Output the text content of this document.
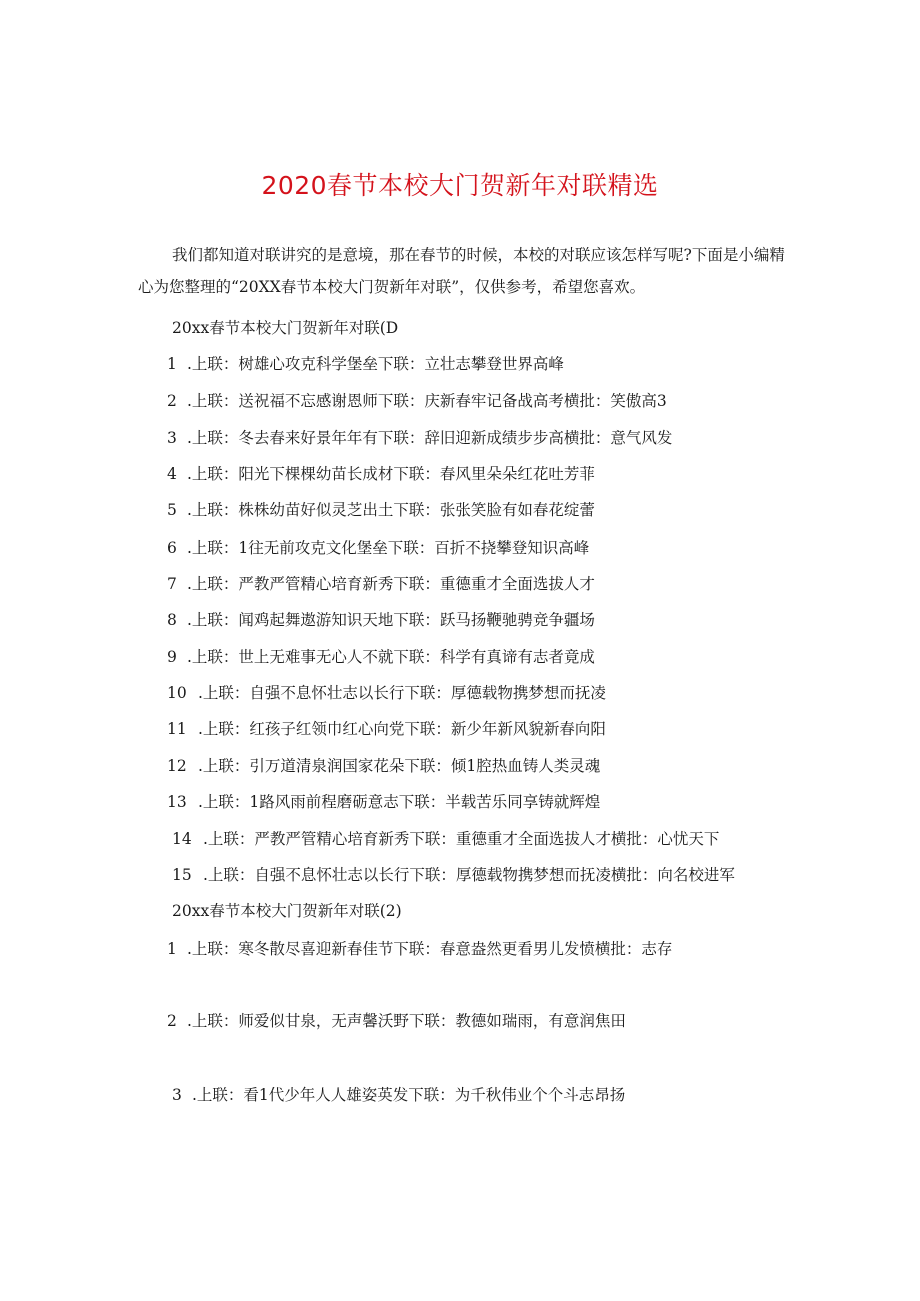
2020春节本校大门贺新年对联精选

我们都知道对联讲究的是意境，那在春节的时候，本校的对联应该怎样写呢?下面是小编精心为您整理的“20XX春节本校大门贺新年对联”，仅供参考，希望您喜欢。

20xx春节本校大门贺新年对联(D

1 .上联：树雄心攻克科学堡垒下联：立壮志攀登世界高峰

2 .上联：送祝福不忘感谢恩师下联：庆新春牢记备战高考横批：笑傲高3

3 .上联：冬去春来好景年年有下联：辞旧迎新成绩步步高横批：意气风发

4 .上联：阳光下棵棵幼苗长成材下联：春风里朵朵红花吐芳菲

5 .上联：株株幼苗好似灵芝出土下联：张张笑脸有如春花绽蕾

6 .上联：1往无前攻克文化堡垒下联：百折不挠攀登知识高峰

7 .上联：严教严管精心培育新秀下联：重德重才全面选拔人才

8 .上联：闻鸡起舞遨游知识天地下联：跃马扬鞭驰骋竞争疆场

9 .上联：世上无难事无心人不就下联：科学有真谛有志者竟成

10 .上联：自强不息怀壮志以长行下联：厚德载物携梦想而抚凌

11 .上联：红孩子红领巾红心向党下联：新少年新风貌新春向阳

12 .上联：引万道清泉润国家花朵下联：倾1腔热血铸人类灵魂

13 .上联：1路风雨前程磨砺意志下联：半载苦乐同享铸就辉煌

14 .上联：严教严管精心培育新秀下联：重德重才全面选拔人才横批：心忧天下

15 .上联：自强不息怀壮志以长行下联：厚德载物携梦想而抚凌横批：向名校进军

20xx春节本校大门贺新年对联(2)

1 .上联：寒冬散尽喜迎新春佳节下联：春意盎然更看男儿发愤横批：志存

2 .上联：师爱似甘泉，无声馨沃野下联：教德如瑞雨，有意润焦田

3 .上联：看1代少年人人雄姿英发下联：为千秋伟业个个斗志昂扬
